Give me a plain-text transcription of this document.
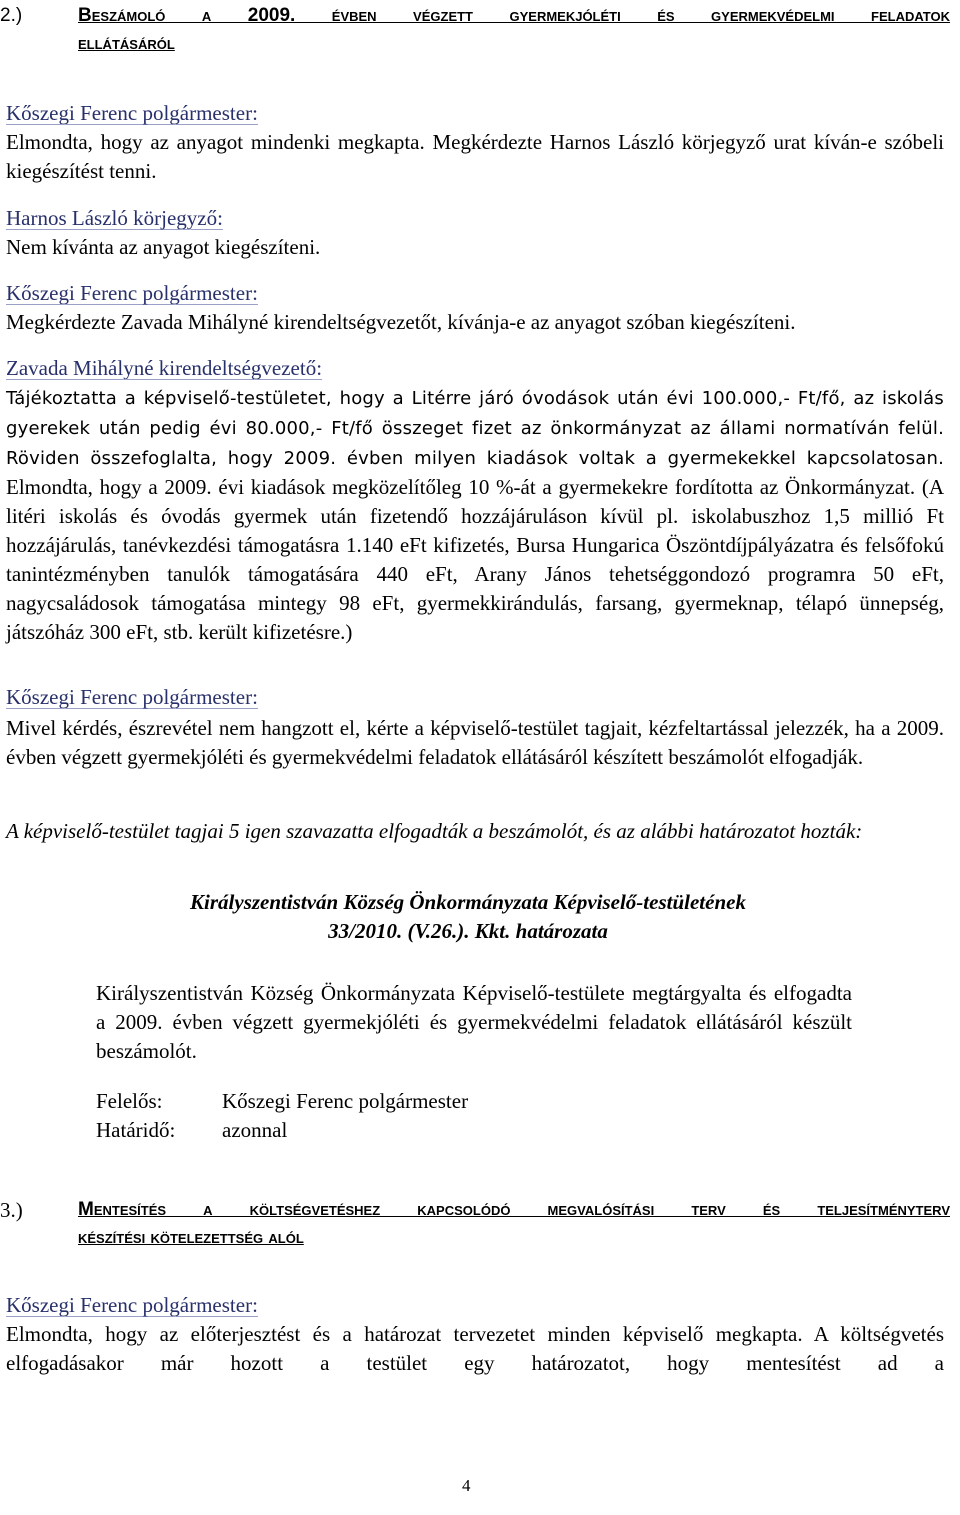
2.)	Beszámoló a 2009. évben végzett gyermekjóléti és gyermekvédelmi feladatok
ellátásáról
Kőszegi Ferenc polgármester:
Elmondta, hogy az anyagot mindenki megkapta. Megkérdezte Harnos László körjegyző urat kíván-e szóbeli kiegészítést tenni.
Harnos László körjegyző:
Nem kívánta az anyagot kiegészíteni.
Kőszegi Ferenc polgármester:
Megkérdezte Zavada Mihályné kirendeltségvezetőt, kívánja-e az anyagot szóban kiegészíteni.
Zavada Mihályné kirendeltségvezető:
Tájékoztatta a képviselő-testületet, hogy a Litérre járó óvodások után évi 100.000,- Ft/fő, az iskolás gyerekek után pedig évi 80.000,- Ft/fő összeget fizet az önkormányzat az állami normatíván felül. Röviden összefoglalta, hogy 2009. évben milyen kiadások voltak a gyermekekkel kapcsolatosan. Elmondta, hogy a 2009. évi kiadások megközelítőleg 10 %-át a gyermekekre fordította az Önkormányzat. (A litéri iskolás és óvodás gyermek után fizetendő hozzájáruláson kívül pl. iskolabuszhoz 1,5 millió Ft hozzájárulás, tanévkezdési támogatásra 1.140 eFt kifizetés, Bursa Hungarica Öszöntdíjpályázatra és felsőfokú tanintézményben tanulók támogatására 440 eFt, Arany János tehetséggondozó programra 50 eFt, nagycsaládosok támogatása mintegy 98 eFt, gyermekkirándulás, farsang, gyermeknap, télapó ünnepség, játszóház 300 eFt, stb. került kifizetésre.)
Kőszegi Ferenc polgármester:
Mivel kérdés, észrevétel nem hangzott el, kérte a képviselő-testület tagjait, kézfeltartással jelezzék, ha a 2009. évben végzett gyermekjóléti és gyermekvédelmi feladatok ellátásáról készített beszámolót elfogadják.
A képviselő-testület tagjai 5 igen szavazatta elfogadták a beszámolót, és az alábbi határozatot hozták:
Királyszentistván Község Önkormányzata Képviselő-testületének
33/2010. (V.26.). Kkt. határozata
Királyszentistván Község Önkormányzata Képviselő-testülete megtárgyalta és elfogadta a 2009. évben végzett gyermekjóléti és gyermekvédelmi feladatok ellátásáról készült beszámolót.
Felelős:	Kőszegi Ferenc polgármester
Határidő: azonnal
3.)	Mentesítés a költségvetéshez kapcsolódó megvalósítási terv és teljesítményterv
készítési kötelezettség alól
Kőszegi Ferenc polgármester:
Elmondta, hogy az előterjesztést és a határozat tervezetet minden képviselő megkapta. A költségvetés elfogadásakor már hozott a testület egy határozatot, hogy mentesítést ad a
4
